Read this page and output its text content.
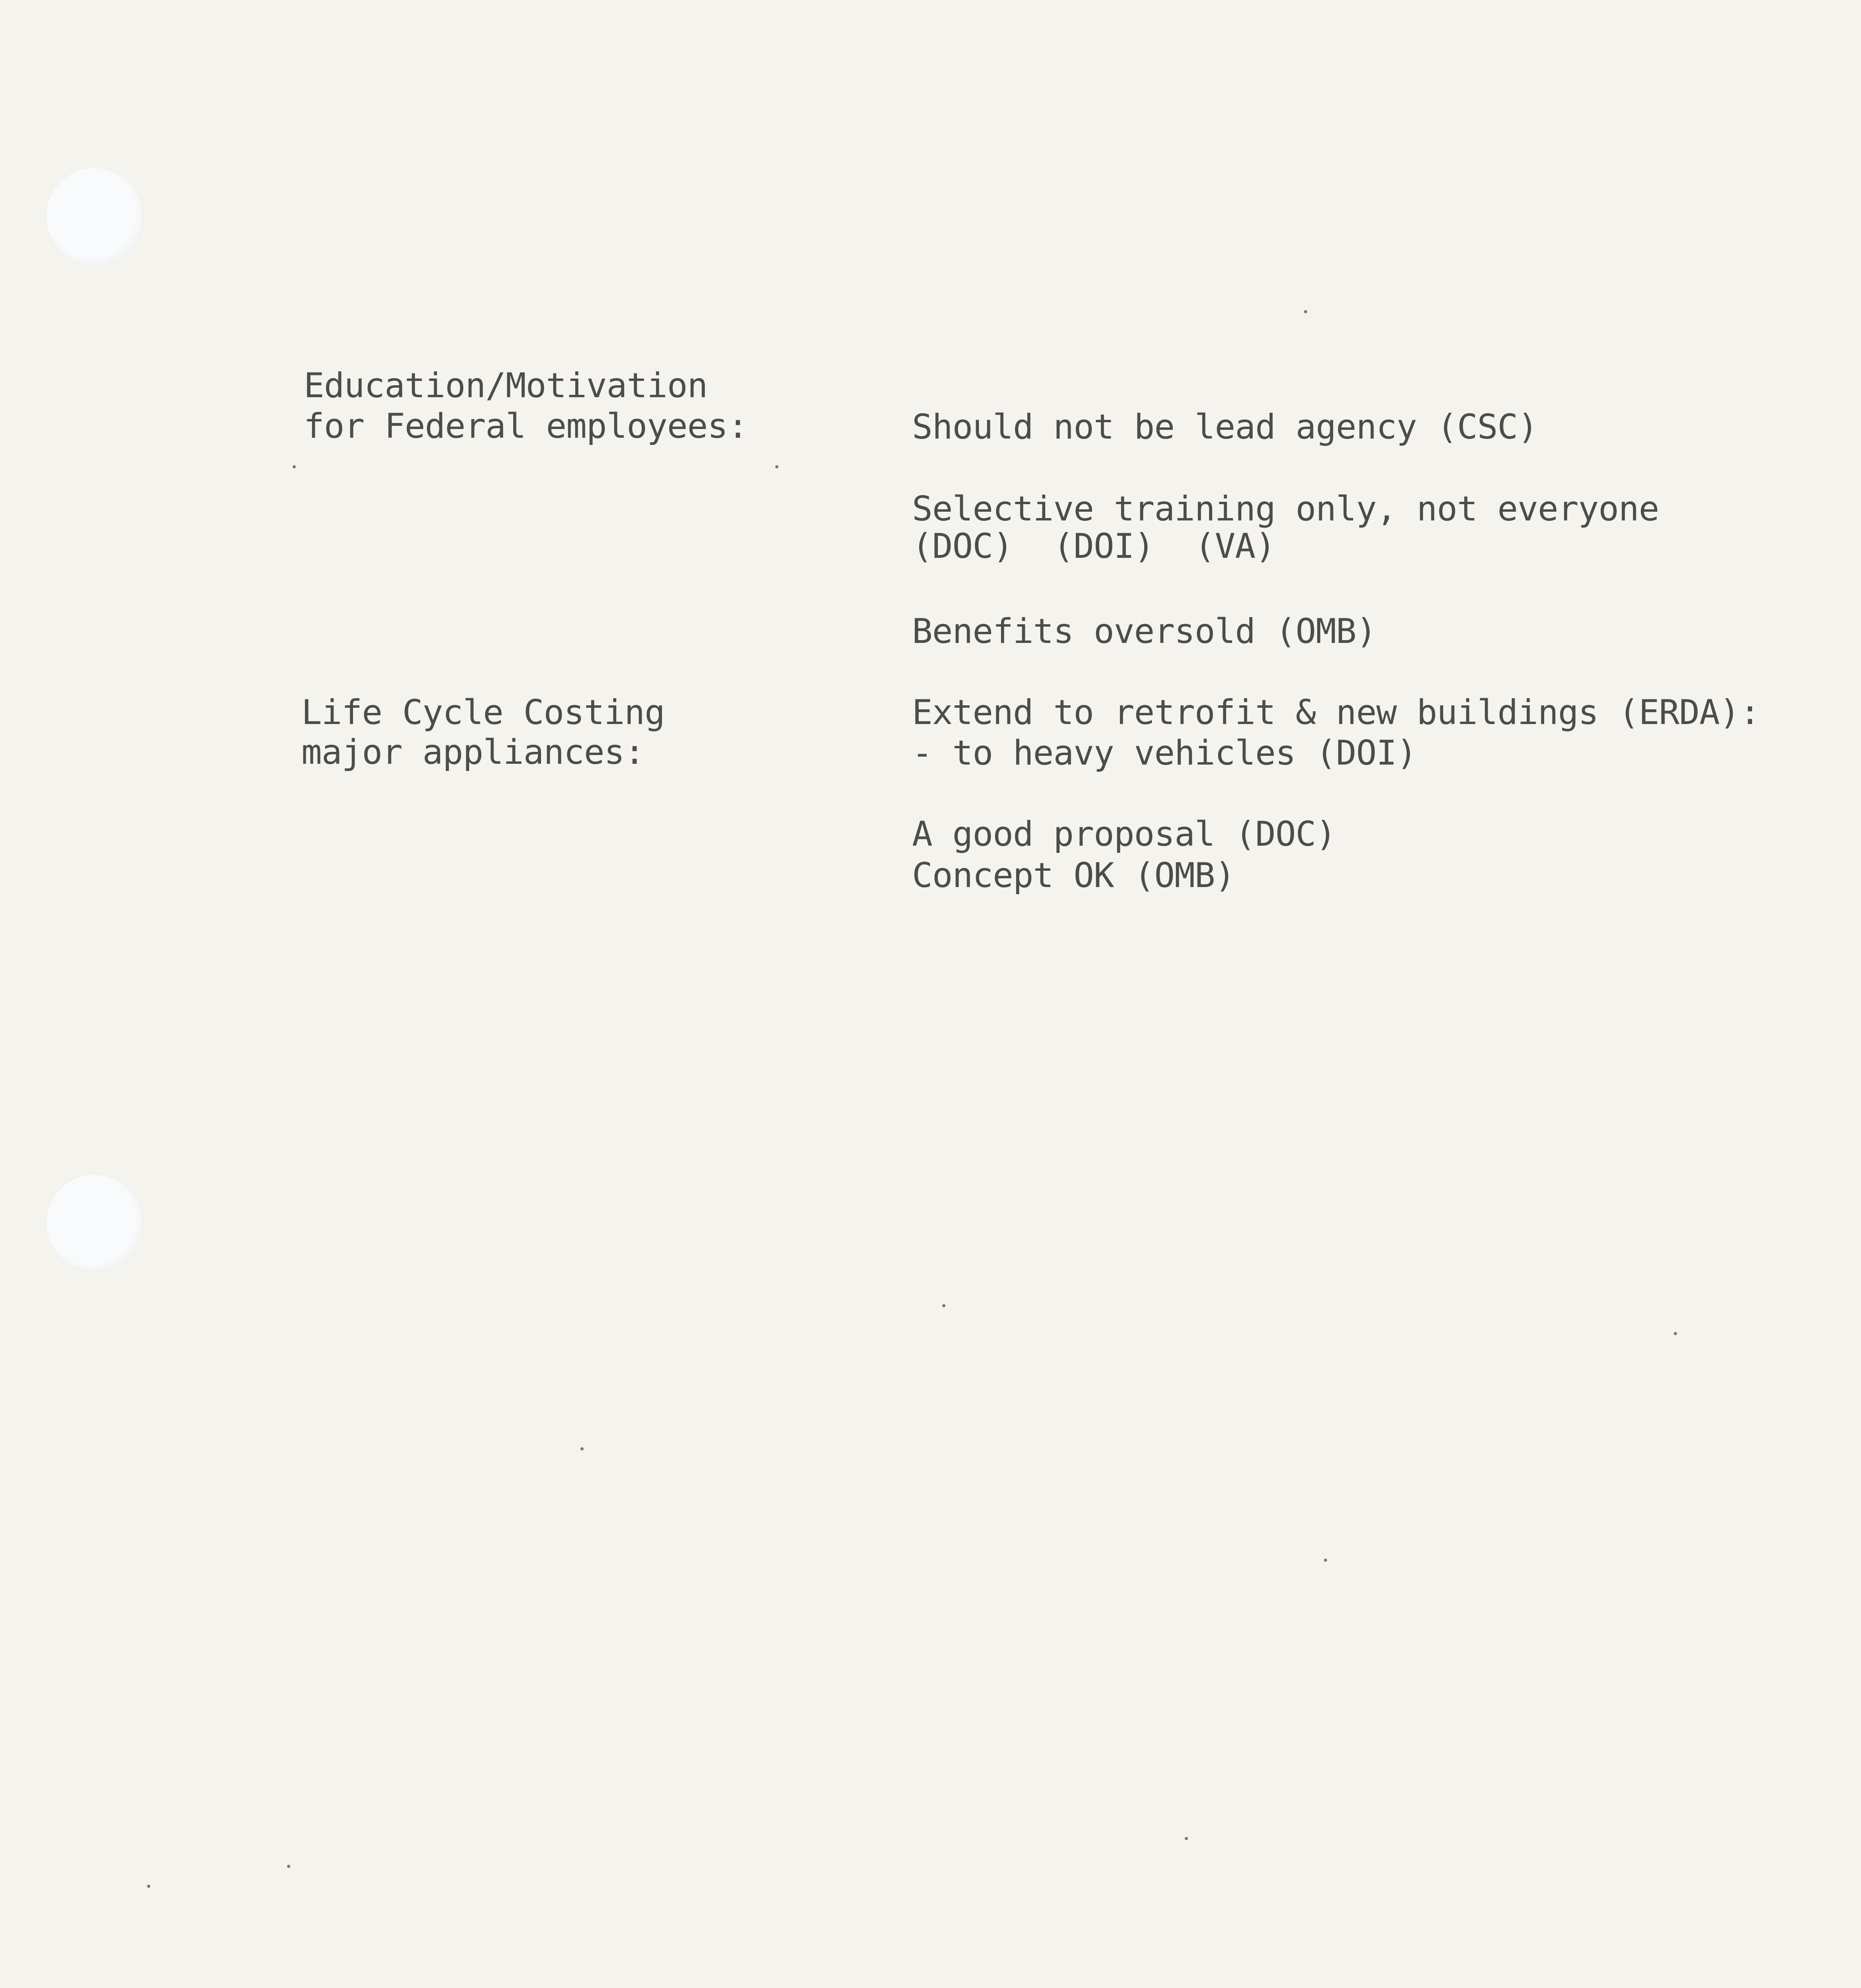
Education/Motivation
for Federal employees:	Should not be lead agency (CSC)
Selective training only, not everyone
(DOC)  (DOI)  (VA)
Benefits oversold (OMB)
Life Cycle Costing
major appliances:
Extend to retrofit & new buildings (ERDA):
- to heavy vehicles (DOI)
A good proposal (DOC)
Concept OK (OMB)
